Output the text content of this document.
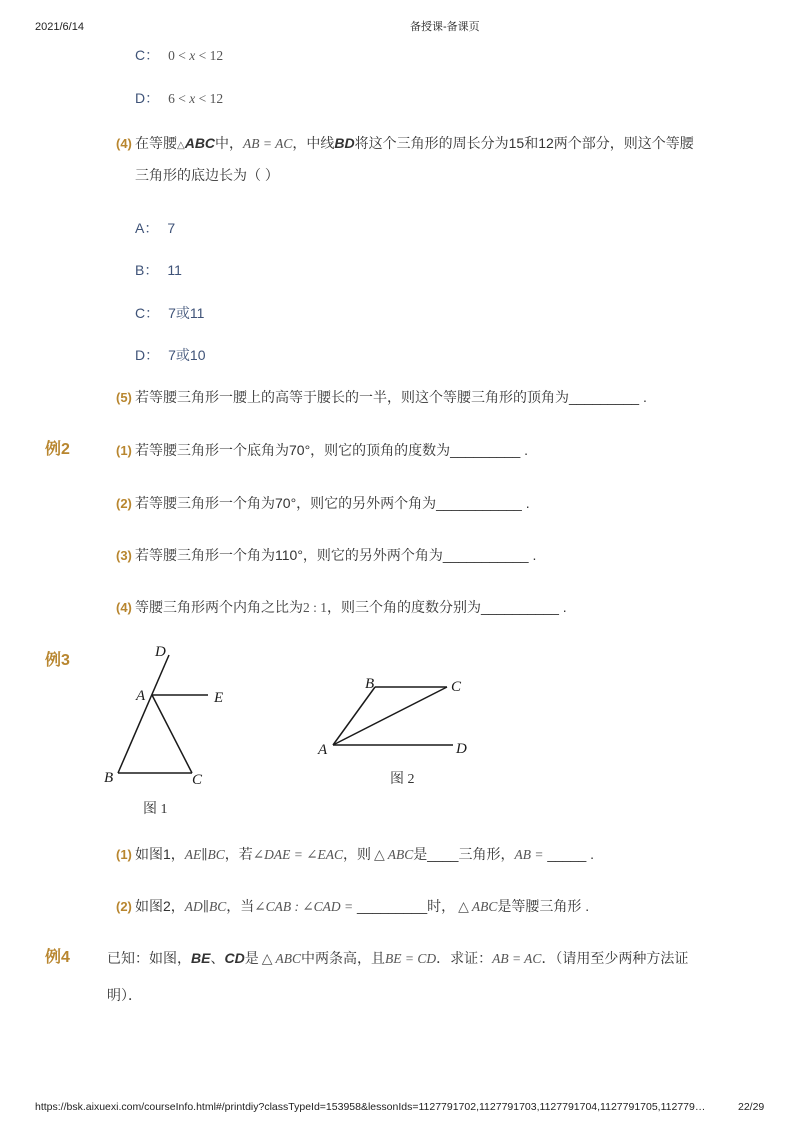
2021/6/14	备授课-备课页
C： 0 < x < 12
D： 6 < x < 12
(4) 在等腰△ABC中，AB = AC，中线BD将这个三角形的周长分为15和12两个部分，则这个等腰
三角形的底边长为（ ）
A： 7
B： 11
C： 7或11
D： 7或10
(5) 若等腰三角形一腰上的高等于腰长的一半，则这个等腰三角形的顶角为_________ .
例2	(1) 若等腰三角形一个底角为70°，则它的顶角的度数为_________ .
(2) 若等腰三角形一个角为70°，则它的另外两个角为___________ .
(3) 若等腰三角形一个角为110°，则它的另外两个角为___________ .
(4) 等腰三角形两个内角之比为2 : 1，则三个角的度数分别为__________ .
例3	D
A	E
B	C
图 1
B	C
A	D
图 2
(1) 如图1，AE∥BC，若∠DAE = ∠EAC，则 △ ABC是____三角形，AB = _____ .
(2) 如图2，AD∥BC，当∠CAB : ∠CAD = _________时， △ ABC是等腰三角形 .
例4	已知：如图，BE、CD是 △ ABC中两条高，且BE = CD．求证：AB = AC．（请用至少两种方法证
明）．
https://bsk.aixuexi.com/courseInfo.html#/printdiy?classTypeId=153958&lessonIds=1127791702,1127791703,1127791704,1127791705,112779…	22/29
